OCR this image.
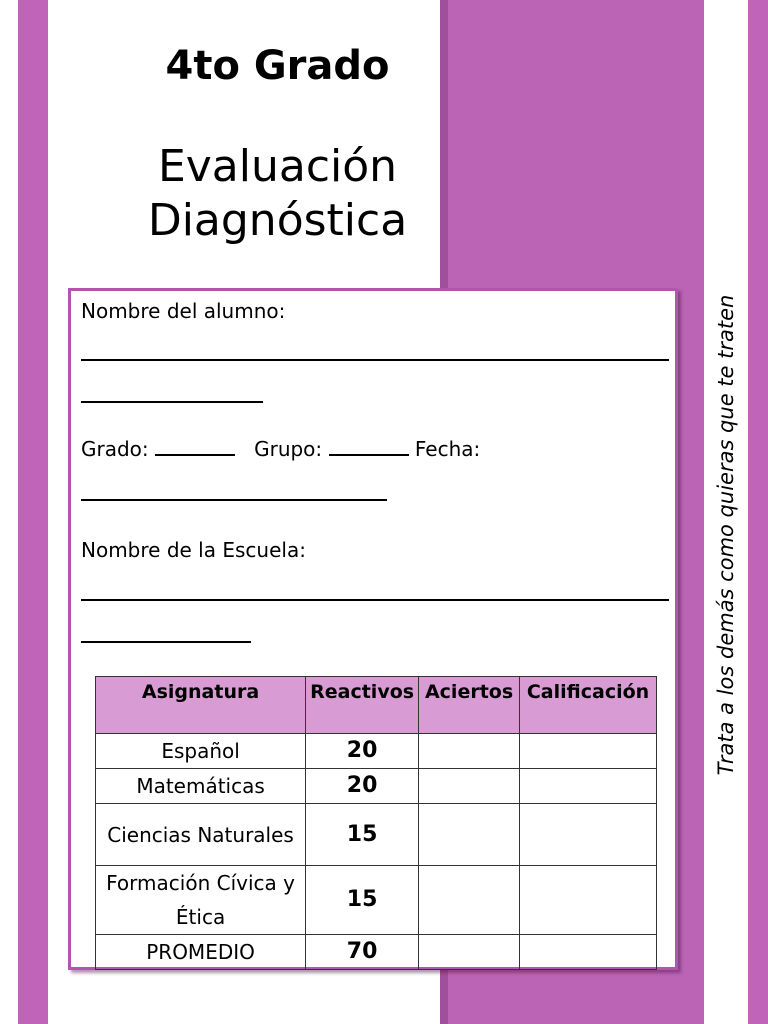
4to Grado
Evaluación
Diagnóstica
Nombre del alumno:
Grado:	Grupo:	Fecha:
Nombre de la Escuela:
Asignatura	Reactivos	Aciertos	Calificación
Español	20		
Matemáticas	20		
Ciencias Naturales	15		
Formación Cívica y Ética	15		
PROMEDIO	70		
Trata a los demás como quieras que te traten
